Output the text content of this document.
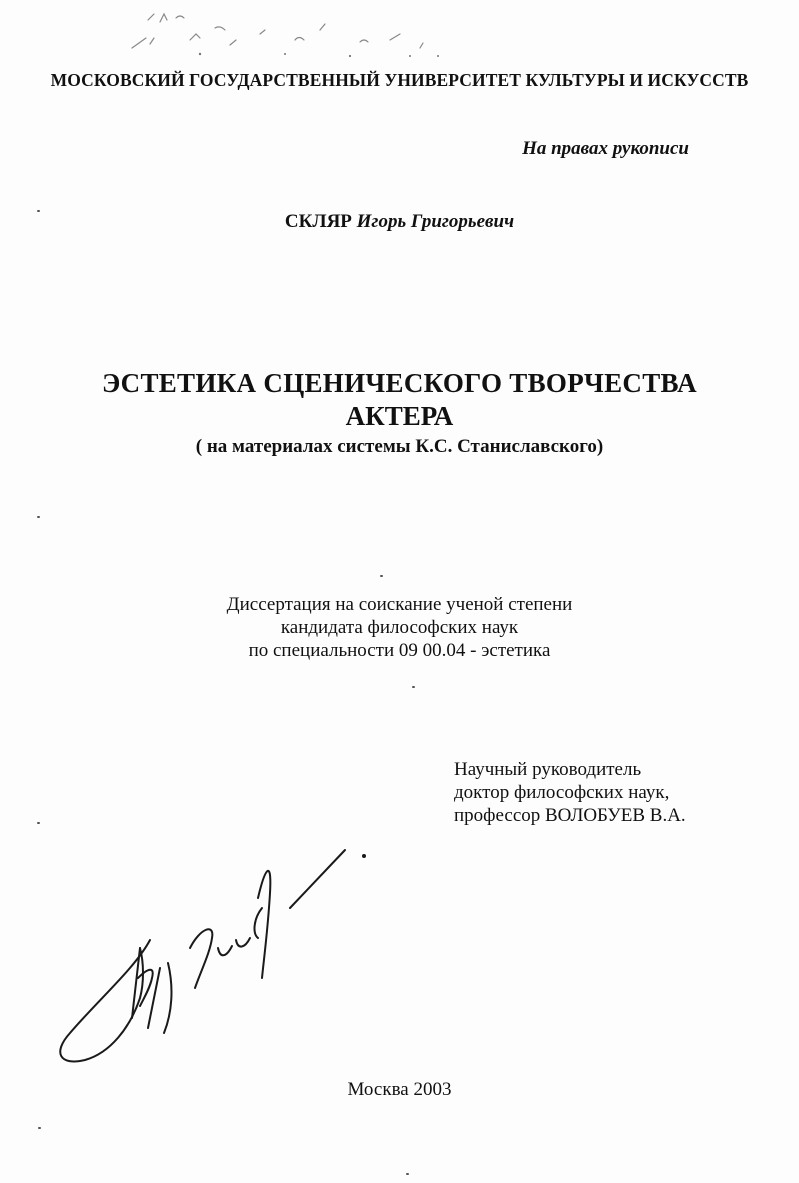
МОСКОВСКИЙ ГОСУДАРСТВЕННЫЙ УНИВЕРСИТЕТ КУЛЬТУРЫ И ИСКУССТВ
На правах рукописи
СКЛЯР Игорь Григорьевич
ЭСТЕТИКА СЦЕНИЧЕСКОГО ТВОРЧЕСТВА
АКТЕРА
( на материалах системы К.С. Станиславского)
Диссертация на соискание ученой степени
кандидата философских наук
по специальности 09 00.04 - эстетика
Научный руководитель
доктор философских наук,
профессор ВОЛОБУЕВ В.А.
Москва 2003
